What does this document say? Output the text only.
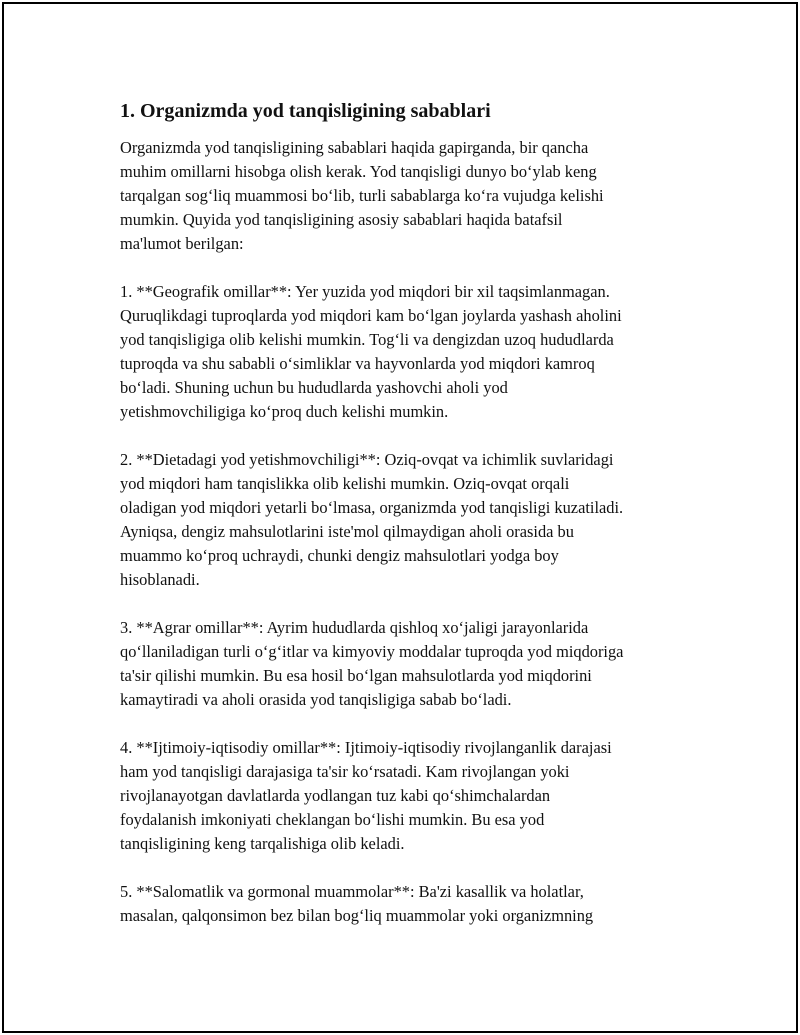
1. Organizmda yod tanqisligining sabablari

Organizmda yod tanqisligining sabablari haqida gapirganda, bir qancha
muhim omillarni hisobga olish kerak. Yod tanqisligi dunyo bo‘ylab keng
tarqalgan sog‘liq muammosi bo‘lib, turli sabablarga ko‘ra vujudga kelishi
mumkin. Quyida yod tanqisligining asosiy sabablari haqida batafsil
ma'lumot berilgan:

1. **Geografik omillar**: Yer yuzida yod miqdori bir xil taqsimlanmagan.
Quruqlikdagi tuproqlarda yod miqdori kam bo‘lgan joylarda yashash aholini
yod tanqisligiga olib kelishi mumkin. Tog‘li va dengizdan uzoq hududlarda
tuproqda va shu sababli o‘simliklar va hayvonlarda yod miqdori kamroq
bo‘ladi. Shuning uchun bu hududlarda yashovchi aholi yod
yetishmovchiligiga ko‘proq duch kelishi mumkin.

2. **Dietadagi yod yetishmovchiligi**: Oziq-ovqat va ichimlik suvlaridagi
yod miqdori ham tanqislikka olib kelishi mumkin. Oziq-ovqat orqali
oladigan yod miqdori yetarli bo‘lmasa, organizmda yod tanqisligi kuzatiladi.
Ayniqsa, dengiz mahsulotlarini iste'mol qilmaydigan aholi orasida bu
muammo ko‘proq uchraydi, chunki dengiz mahsulotlari yodga boy
hisoblanadi.

3. **Agrar omillar**: Ayrim hududlarda qishloq xo‘jaligi jarayonlarida
qo‘llaniladigan turli o‘g‘itlar va kimyoviy moddalar tuproqda yod miqdoriga
ta'sir qilishi mumkin. Bu esa hosil bo‘lgan mahsulotlarda yod miqdorini
kamaytiradi va aholi orasida yod tanqisligiga sabab bo‘ladi.

4. **Ijtimoiy-iqtisodiy omillar**: Ijtimoiy-iqtisodiy rivojlanganlik darajasi
ham yod tanqisligi darajasiga ta'sir ko‘rsatadi. Kam rivojlangan yoki
rivojlanayotgan davlatlarda yodlangan tuz kabi qo‘shimchalardan
foydalanish imkoniyati cheklangan bo‘lishi mumkin. Bu esa yod
tanqisligining keng tarqalishiga olib keladi.

5. **Salomatlik va gormonal muammolar**: Ba'zi kasallik va holatlar,
masalan, qalqonsimon bez bilan bog‘liq muammolar yoki organizmning
